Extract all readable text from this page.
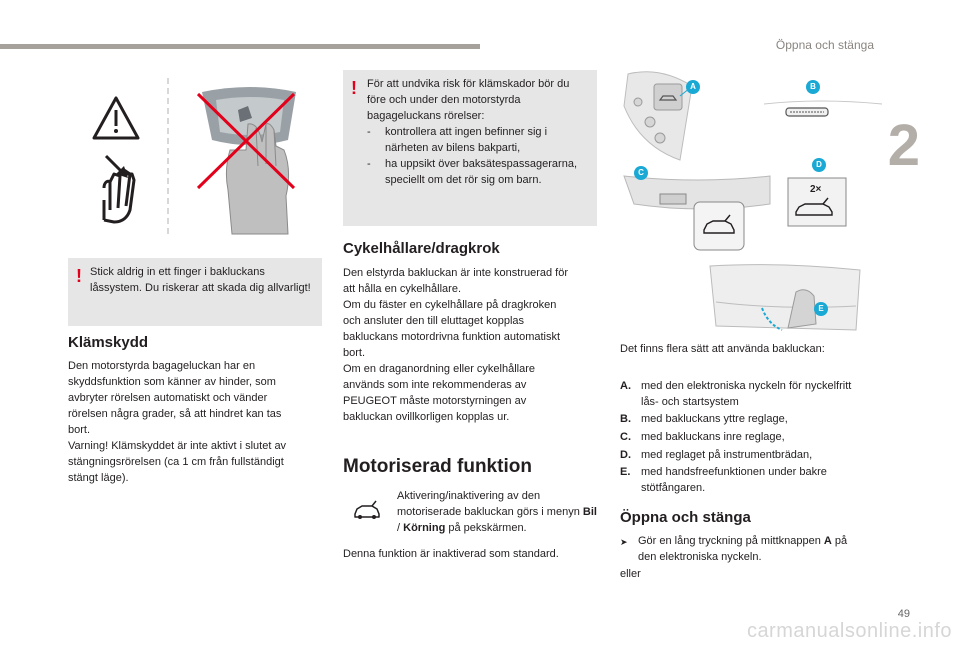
Öppna och stänga
2
49
carmanualsonline.info
! Stick aldrig in ett finger i bakluckans låssystem. Du riskerar att skada dig allvarligt!
Klämskydd
Den motorstyrda bagageluckan har en
skyddsfunktion som känner av hinder, som
avbryter rörelsen automatiskt och vänder
rörelsen några grader, så att hindret kan tas
bort.
Varning! Klämskyddet är inte aktivt i slutet av
stängningsrörelsen (ca 1 cm från fullständigt
stängt läge).
! För att undvika risk för klämskador bör du före och under den motorstyrda bagageluckans rörelser:
- kontrollera att ingen befinner sig i närheten av bilens bakparti,
- ha uppsikt över baksätespassagerarna, speciellt om det rör sig om barn.
Cykelhållare/dragkrok
Den elstyrda bakluckan är inte konstruerad för
att hålla en cykelhållare.
Om du fäster en cykelhållare på dragkroken
och ansluter den till eluttaget kopplas
bakluckans motordrivna funktion automatiskt
bort.
Om en draganordning eller cykelhållare
används som inte rekommenderas av
PEUGEOT måste motorstyrningen av
bakluckan ovillkorligen kopplas ur.
Motoriserad funktion
Aktivering/inaktivering av den motoriserade bakluckan görs i menyn Bil / Körning på pekskärmen.
Denna funktion är inaktiverad som standard.
A	B
C
D
E
2×
Det finns flera sätt att använda bakluckan:
A. med den elektroniska nyckeln för nyckelfritt
lås- och startsystem
B. med bakluckans yttre reglage,
C. med bakluckans inre reglage,
D. med reglaget på instrumentbrädan,
E. med handsfreefunktionen under bakre
stötfångaren.
Öppna och stänga
➤ Gör en lång tryckning på mittknappen A på
den elektroniska nyckeln.
eller
